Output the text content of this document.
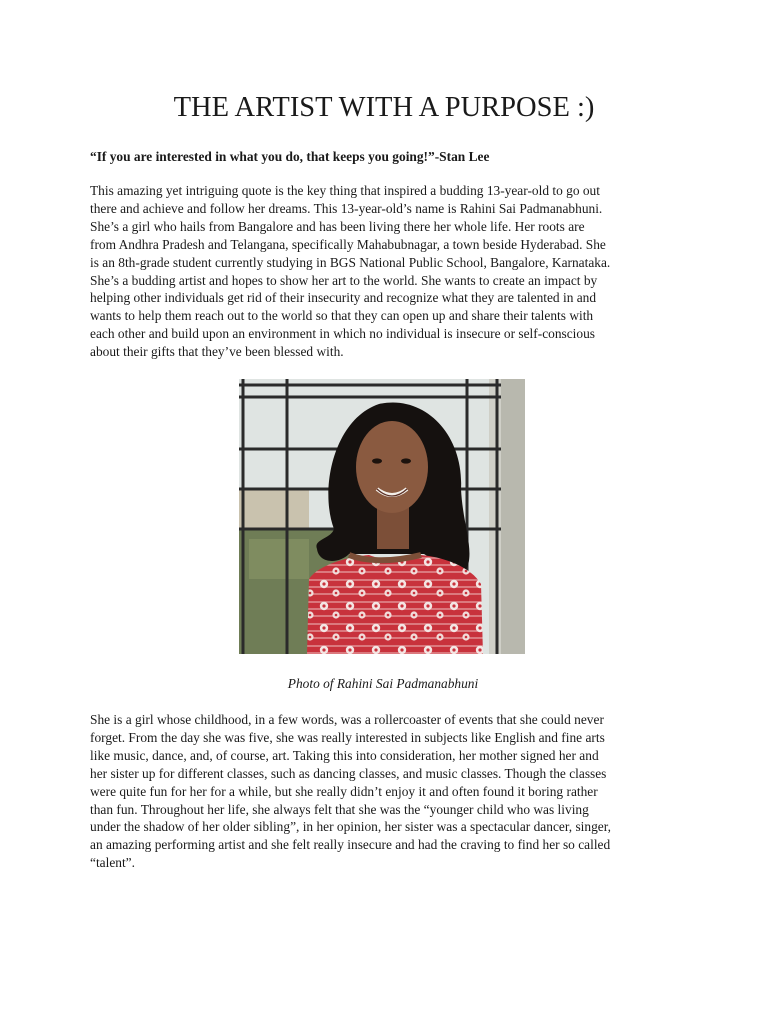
THE ARTIST WITH A PURPOSE :)

“If you are interested in what you do, that keeps you going!”-Stan Lee

This amazing yet intriguing quote is the key thing that inspired a budding 13-year-old to go out
there and achieve and follow her dreams. This 13-year-old’s name is Rahini Sai Padmanabhuni.
She’s a girl who hails from Bangalore and has been living there her whole life. Her roots are
from Andhra Pradesh and Telangana, specifically Mahabubnagar, a town beside Hyderabad. She
is an 8th-grade student currently studying in BGS National Public School, Bangalore, Karnataka.
She’s a budding artist and hopes to show her art to the world. She wants to create an impact by
helping other individuals get rid of their insecurity and recognize what they are talented in and
wants to help them reach out to the world so that they can open up and share their talents with
each other and build upon an environment in which no individual is insecure or self-conscious
about their gifts that they’ve been blessed with.

Photo of Rahini Sai Padmanabhuni

She is a girl whose childhood, in a few words, was a rollercoaster of events that she could never
forget. From the day she was five, she was really interested in subjects like English and fine arts
like music, dance, and, of course, art. Taking this into consideration, her mother signed her and
her sister up for different classes, such as dancing classes, and music classes. Though the classes
were quite fun for her for a while, but she really didn’t enjoy it and often found it boring rather
than fun. Throughout her life, she always felt that she was the “younger child who was living
under the shadow of her older sibling”, in her opinion, her sister was a spectacular dancer, singer,
an amazing performing artist and she felt really insecure and had the craving to find her so called
“talent”.
